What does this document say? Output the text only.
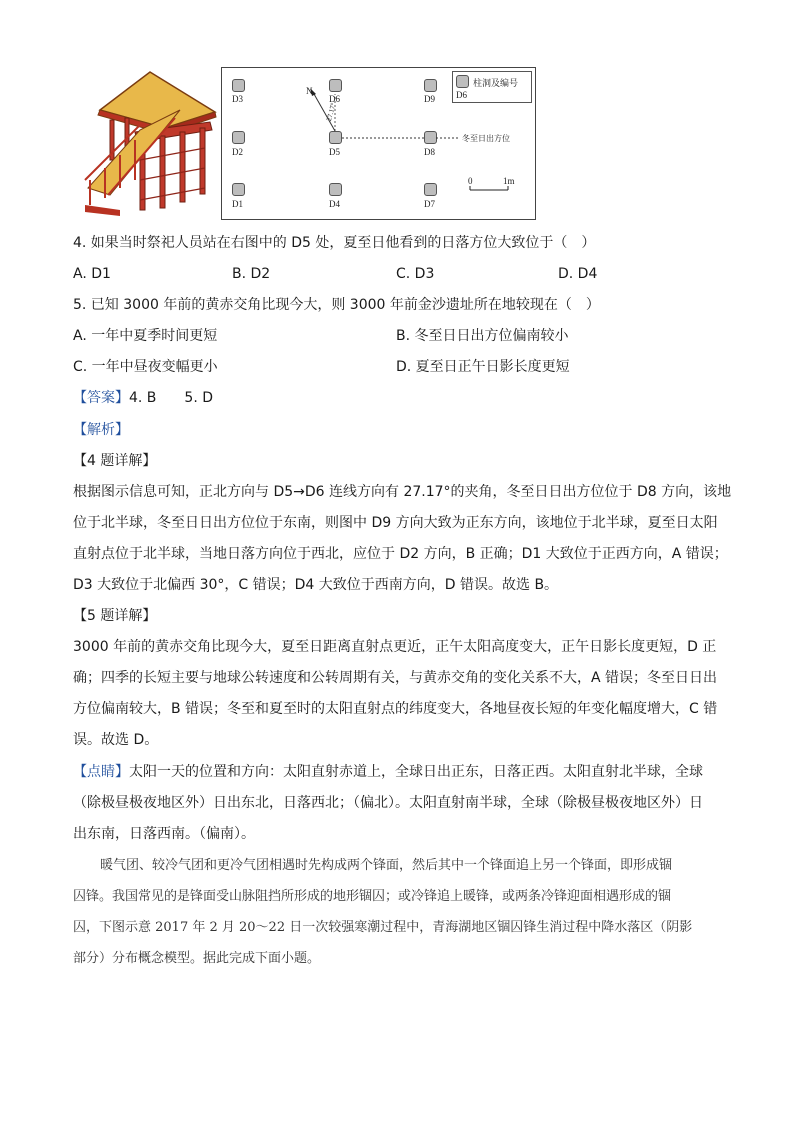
柱洞及编号
D6
D3	D6	D9
D2	D5	D8
D1	D4	D7
N
27.17°
冬至日出方位
0	1m
4. 如果当时祭祀人员站在右图中的 D5 处，夏至日他看到的日落方位大致位于（　）
A. D1	B. D2	C. D3	D. D4
5. 已知 3000 年前的黄赤交角比现今大，则 3000 年前金沙遗址所在地较现在（　）
A. 一年中夏季时间更短	B. 冬至日日出方位偏南较小
C. 一年中昼夜变幅更小	D. 夏至日正午日影长度更短
【答案】4. B　　5. D
【解析】
【4 题详解】
根据图示信息可知，正北方向与 D5→D6 连线方向有 27.17°的夹角，冬至日日出方位位于 D8 方向，该地
位于北半球，冬至日日出方位位于东南，则图中 D9 方向大致为正东方向，该地位于北半球，夏至日太阳
直射点位于北半球，当地日落方向位于西北，应位于 D2 方向，B 正确；D1 大致位于正西方向，A 错误；
D3 大致位于北偏西 30°，C 错误；D4 大致位于西南方向，D 错误。故选 B。
【5 题详解】
3000 年前的黄赤交角比现今大，夏至日距离直射点更近，正午太阳高度变大，正午日影长度更短，D 正
确；四季的长短主要与地球公转速度和公转周期有关，与黄赤交角的变化关系不大，A 错误；冬至日日出
方位偏南较大，B 错误；冬至和夏至时的太阳直射点的纬度变大，各地昼夜长短的年变化幅度增大，C 错
误。故选 D。
【点睛】太阳一天的位置和方向：太阳直射赤道上，全球日出正东，日落正西。太阳直射北半球，全球
（除极昼极夜地区外）日出东北，日落西北；（偏北）。太阳直射南半球，全球（除极昼极夜地区外）日
出东南，日落西南。（偏南）。
暖气团、较冷气团和更冷气团相遇时先构成两个锋面，然后其中一个锋面追上另一个锋面，即形成锢
囚锋。我国常见的是锋面受山脉阻挡所形成的地形锢囚；或冷锋追上暖锋，或两条冷锋迎面相遇形成的锢
囚，下图示意 2017 年 2 月 20～22 日一次较强寒潮过程中，青海湖地区锢囚锋生消过程中降水落区（阴影
部分）分布概念模型。据此完成下面小题。
